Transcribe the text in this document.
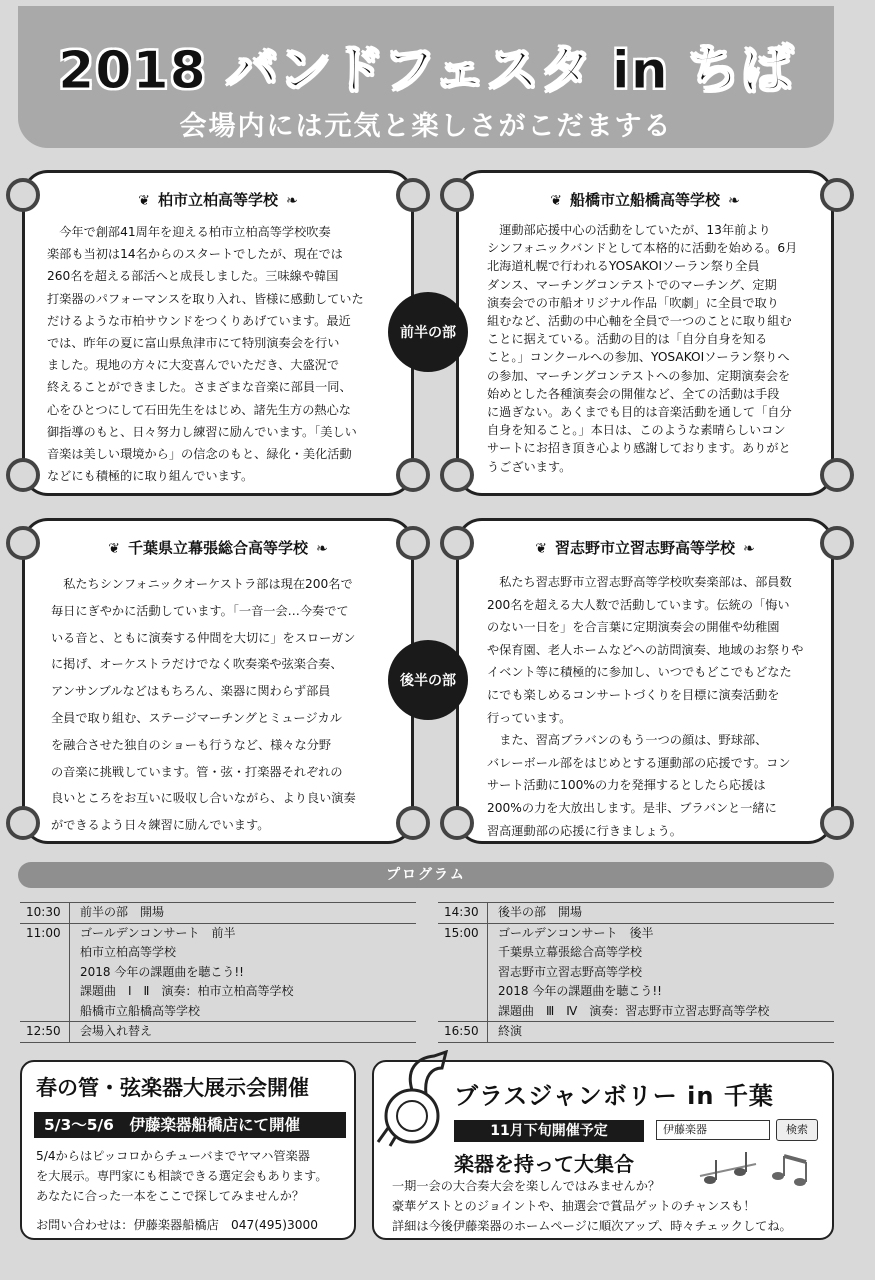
2018 バンドフェスタ in ちば
会場内には元気と楽しさがこだまする
❦ 柏市立柏高等学校 ❧
今年で創部41周年を迎える柏市立柏高等学校吹奏
楽部も当初は14名からのスタートでしたが、現在では
260名を超える部活へと成長しました。三味線や韓国
打楽器のパフォーマンスを取り入れ、皆様に感動していた
だけるような市柏サウンドをつくりあげています。最近
では、昨年の夏に富山県魚津市にて特別演奏会を行い
ました。現地の方々に大変喜んでいただき、大盛況で
終えることができました。さまざまな音楽に部員一同、
心をひとつにして石田先生をはじめ、諸先生方の熱心な
御指導のもと、日々努力し練習に励んでいます。「美しい
音楽は美しい環境から」の信念のもと、緑化・美化活動
などにも積極的に取り組んでいます。
❦ 船橋市立船橋高等学校 ❧
運動部応援中心の活動をしていたが、13年前より
シンフォニックバンドとして本格的に活動を始める。6月
北海道札幌で行われるYOSAKOIソーラン祭り全員
ダンス、マーチングコンテストでのマーチング、定期
演奏会での市船オリジナル作品「吹劇」に全員で取り
組むなど、活動の中心軸を全員で一つのことに取り組む
ことに据えている。活動の目的は「自分自身を知る
こと。」コンクールへの参加、YOSAKOIソーラン祭りへ
の参加、マーチングコンテストへの参加、定期演奏会を
始めとした各種演奏会の開催など、全ての活動は手段
に過ぎない。あくまでも目的は音楽活動を通して「自分
自身を知ること。」本日は、このような素晴らしいコン
サートにお招き頂き心より感謝しております。ありがと
うございます。
❦ 千葉県立幕張総合高等学校 ❧
私たちシンフォニックオーケストラ部は現在200名で
毎日にぎやかに活動しています。「一音一会…今奏でて
いる音と、ともに演奏する仲間を大切に」をスローガン
に掲げ、オーケストラだけでなく吹奏楽や弦楽合奏、
アンサンブルなどはもちろん、楽器に関わらず部員
全員で取り組む、ステージマーチングとミュージカル
を融合させた独自のショーも行うなど、様々な分野
の音楽に挑戦しています。管・弦・打楽器それぞれの
良いところをお互いに吸収し合いながら、より良い演奏
ができるよう日々練習に励んでいます。
❦ 習志野市立習志野高等学校 ❧
私たち習志野市立習志野高等学校吹奏楽部は、部員数
200名を超える大人数で活動しています。伝統の「悔い
のない一日を」を合言葉に定期演奏会の開催や幼稚園
や保育園、老人ホームなどへの訪問演奏、地域のお祭りや
イベント等に積極的に参加し、いつでもどこでもどなた
にでも楽しめるコンサートづくりを目標に演奏活動を
行っています。
また、習高ブラバンのもう一つの顔は、野球部、
バレーボール部をはじめとする運動部の応援です。コン
サート活動に100%の力を発揮するとしたら応援は
200%の力を大放出します。是非、ブラバンと一緒に
習高運動部の応援に行きましょう。
前半の部
後半の部
プログラム
10:30	前半の部　開場
11:00	ゴールデンコンサート　前半
柏市立柏高等学校
2018 今年の課題曲を聴こう!!
課題曲　Ⅰ　Ⅱ　演奏：柏市立柏高等学校
船橋市立船橋高等学校
12:50	会場入れ替え
14:30	後半の部　開場
15:00	ゴールデンコンサート　後半
千葉県立幕張総合高等学校
習志野市立習志野高等学校
2018 今年の課題曲を聴こう!!
課題曲　Ⅲ　Ⅳ　演奏：習志野市立習志野高等学校
16:50	終演
春の管・弦楽器大展示会開催
5/3〜5/6　伊藤楽器船橋店にて開催
5/4からはピッコロからチューバまでヤマハ管楽器
を大展示。専門家にも相談できる選定会もあります。
あなたに合った一本をここで探してみませんか？
お問い合わせは：伊藤楽器船橋店　047(495)3000
ブラスジャンボリー in 千葉
11月下旬開催予定	伊藤楽器	検索
楽器を持って大集合
一期一会の大合奏大会を楽しんではみませんか？
豪華ゲストとのジョイントや、抽選会で賞品ゲットのチャンスも！
詳細は今後伊藤楽器のホームページに順次アップ、時々チェックしてね。
